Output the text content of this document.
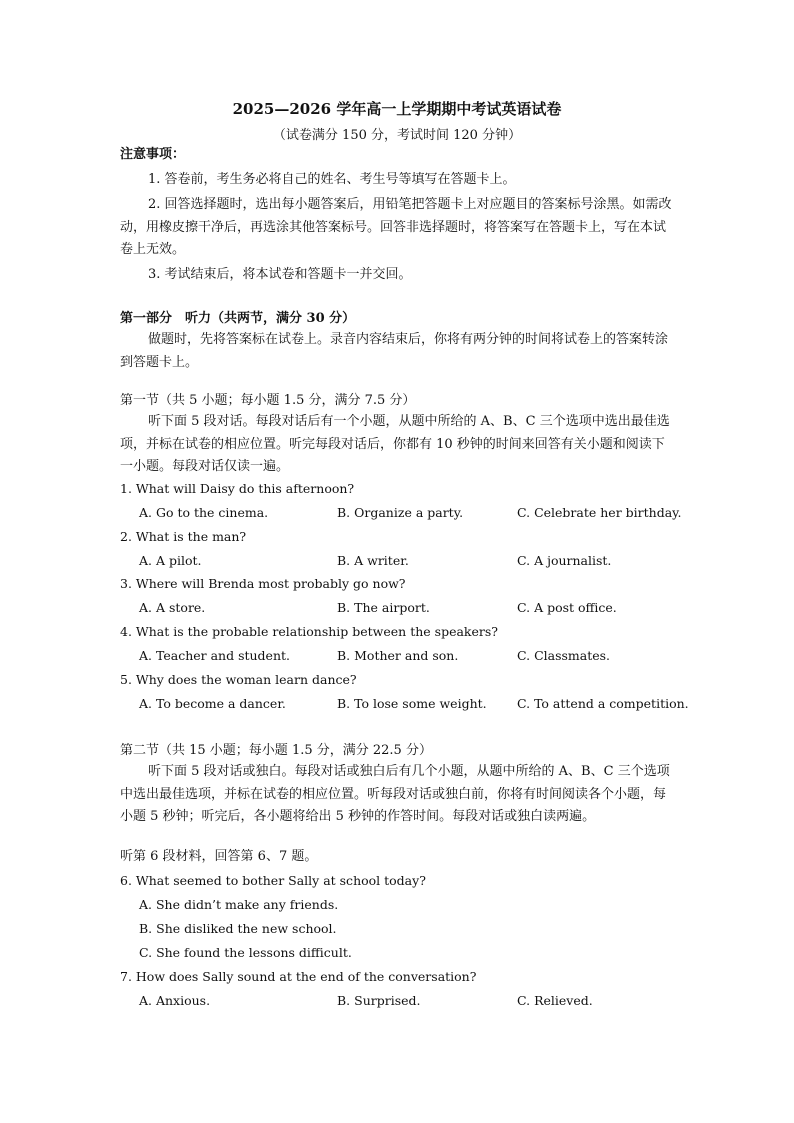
2025—2026 学年高一上学期期中考试英语试卷
（试卷满分 150 分，考试时间 120 分钟）
注意事项：
1. 答卷前，考生务必将自己的姓名、考生号等填写在答题卡上。
2. 回答选择题时，选出每小题答案后，用铅笔把答题卡上对应题目的答案标号涂黑。如需改动，用橡皮擦干净后，再选涂其他答案标号。回答非选择题时，将答案写在答题卡上，写在本试卷上无效。
3. 考试结束后，将本试卷和答题卡一并交回。
第一部分　听力（共两节，满分 30 分）
做题时，先将答案标在试卷上。录音内容结束后，你将有两分钟的时间将试卷上的答案转涂到答题卡上。
第一节（共 5 小题；每小题 1.5 分，满分 7.5 分）
听下面 5 段对话。每段对话后有一个小题，从题中所给的 A、B、C 三个选项中选出最佳选项，并标在试卷的相应位置。听完每段对话后，你都有 10 秒钟的时间来回答有关小题和阅读下一小题。每段对话仅读一遍。
1. What will Daisy do this afternoon?
A. Go to the cinema.	B. Organize a party.	C. Celebrate her birthday.
2. What is the man?
A. A pilot.	B. A writer.	C. A journalist.
3. Where will Brenda most probably go now?
A. A store.	B. The airport.	C. A post office.
4. What is the probable relationship between the speakers?
A. Teacher and student.	B. Mother and son.	C. Classmates.
5. Why does the woman learn dance?
A. To become a dancer.	B. To lose some weight. C. To attend a competition.
第二节（共 15 小题；每小题 1.5 分，满分 22.5 分）
听下面 5 段对话或独白。每段对话或独白后有几个小题，从题中所给的 A、B、C 三个选项中选出最佳选项，并标在试卷的相应位置。听每段对话或独白前，你将有时间阅读各个小题，每小题 5 秒钟；听完后，各小题将给出 5 秒钟的作答时间。每段对话或独白读两遍。
听第 6 段材料，回答第 6、7 题。
6. What seemed to bother Sally at school today?
A. She didn’t make any friends.
B. She disliked the new school.
C. She found the lessons difficult.
7. How does Sally sound at the end of the conversation?
A. Anxious.	B. Surprised.	C. Relieved.
